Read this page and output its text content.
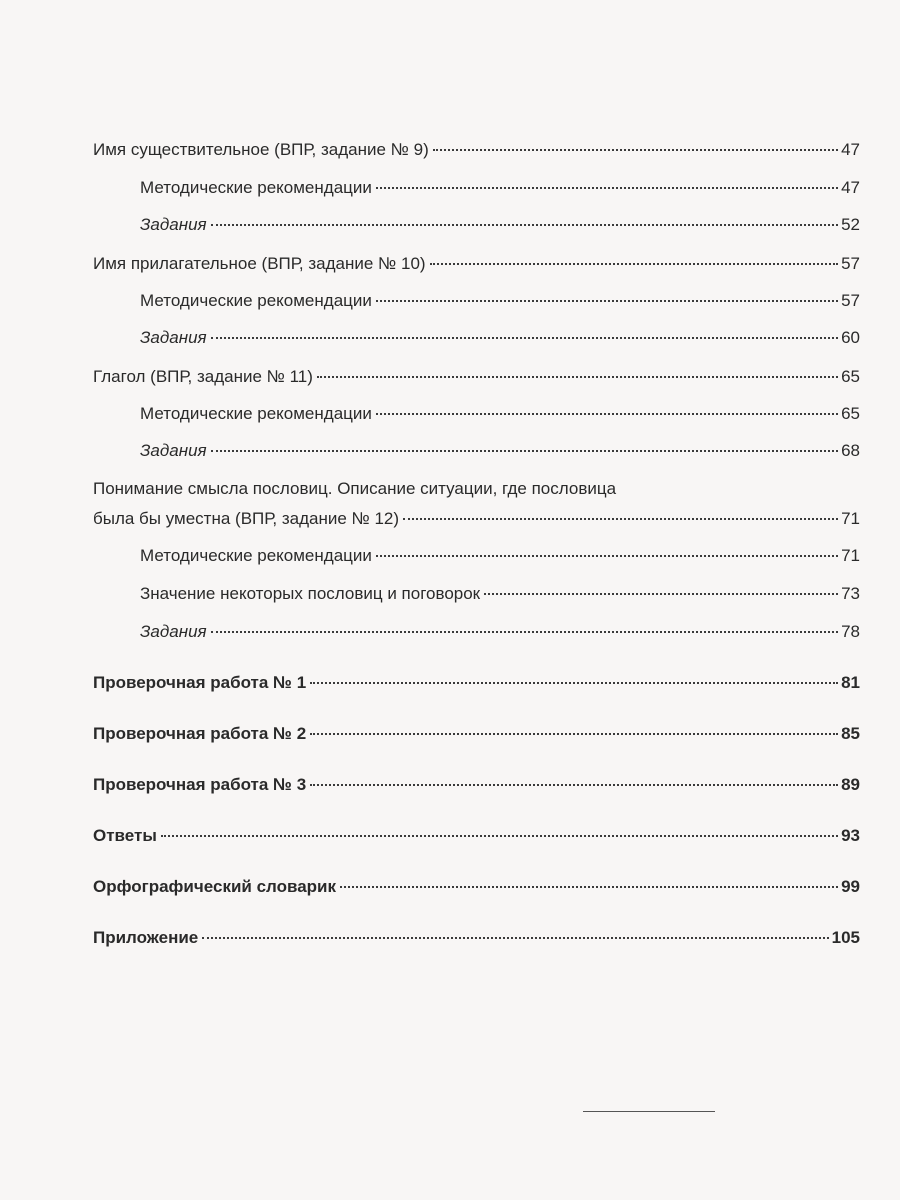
Имя существительное (ВПР, задание № 9)	47
Методические рекомендации	47
Задания	52
Имя прилагательное (ВПР, задание № 10)	57
Методические рекомендации	57
Задания	60
Глагол (ВПР, задание № 11)	65
Методические рекомендации	65
Задания	68
Понимание смысла пословиц. Описание ситуации, где пословица
была бы уместна (ВПР, задание № 12)	71
Методические рекомендации	71
Значение некоторых пословиц и поговорок	73
Задания	78
Проверочная работа № 1	81
Проверочная работа № 2	85
Проверочная работа № 3	89
Ответы	93
Орфографический словарик	99
Приложение	105
